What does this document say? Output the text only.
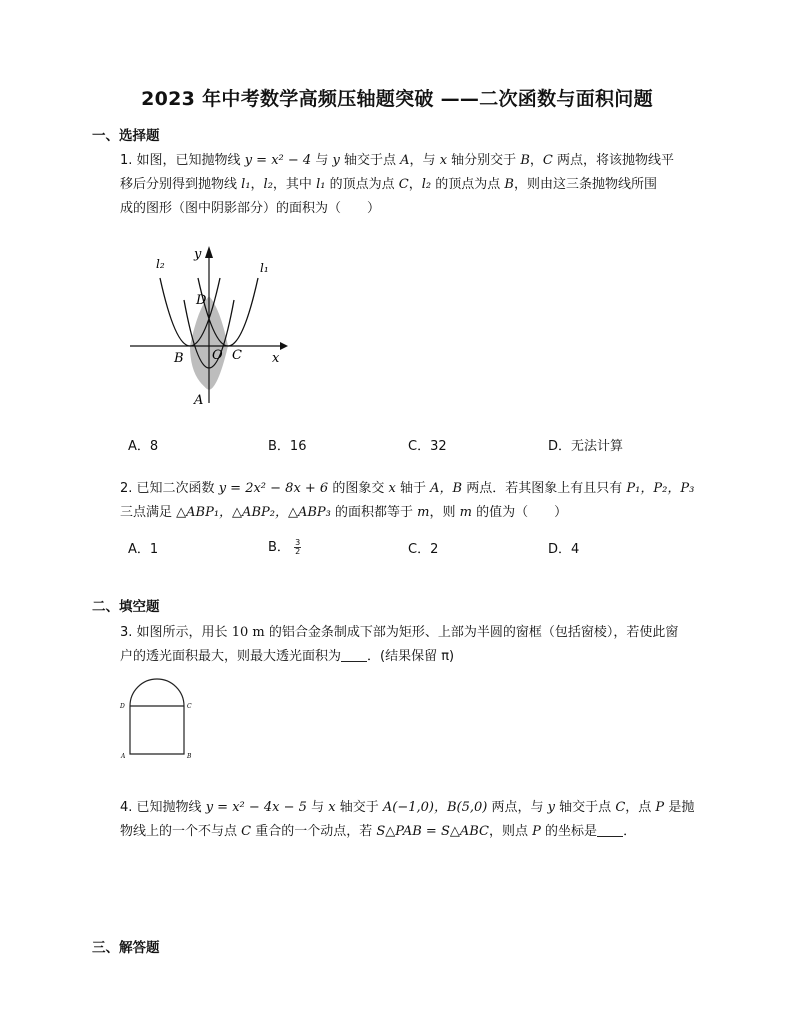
2023 年中考数学高频压轴题突破 ——二次函数与面积问题
一、选择题
1. 如图，已知抛物线 y = x² − 4 与 y 轴交于点 A，与 x 轴分别交于 B，C 两点，将该抛物线平
移后分别得到抛物线 l₁，l₂，其中 l₁ 的顶点为点 C，l₂ 的顶点为点 B，则由这三条抛物线所围
成的图形（图中阴影部分）的面积为（　　）
y
x
l₂	l₁
D
B O C
A
A．8	B．16	C．32	D．无法计算
2. 已知二次函数 y = 2x² − 8x + 6 的图象交 x 轴于 A，B 两点．若其图象上有且只有 P₁，P₂，P₃
三点满足 △ABP₁，△ABP₂，△ABP₃ 的面积都等于 m，则 m 的值为（　　）
A．1	B． $\frac{3}{2}$	C．2	D．4
二、填空题
3. 如图所示，用长 10 m 的铝合金条制成下部为矩形、上部为半圆的窗框（包括窗棱），若使此窗
户的透光面积最大，则最大透光面积为 ．(结果保留 π)
D	C
A	B
4. 已知抛物线 y = x² − 4x − 5 与 x 轴交于 A(−1,0)，B(5,0) 两点，与 y 轴交于点 C，点 P 是抛
物线上的一个不与点 C 重合的一个动点，若 S△PAB = S△ABC，则点 P 的坐标是 ．
三、解答题
